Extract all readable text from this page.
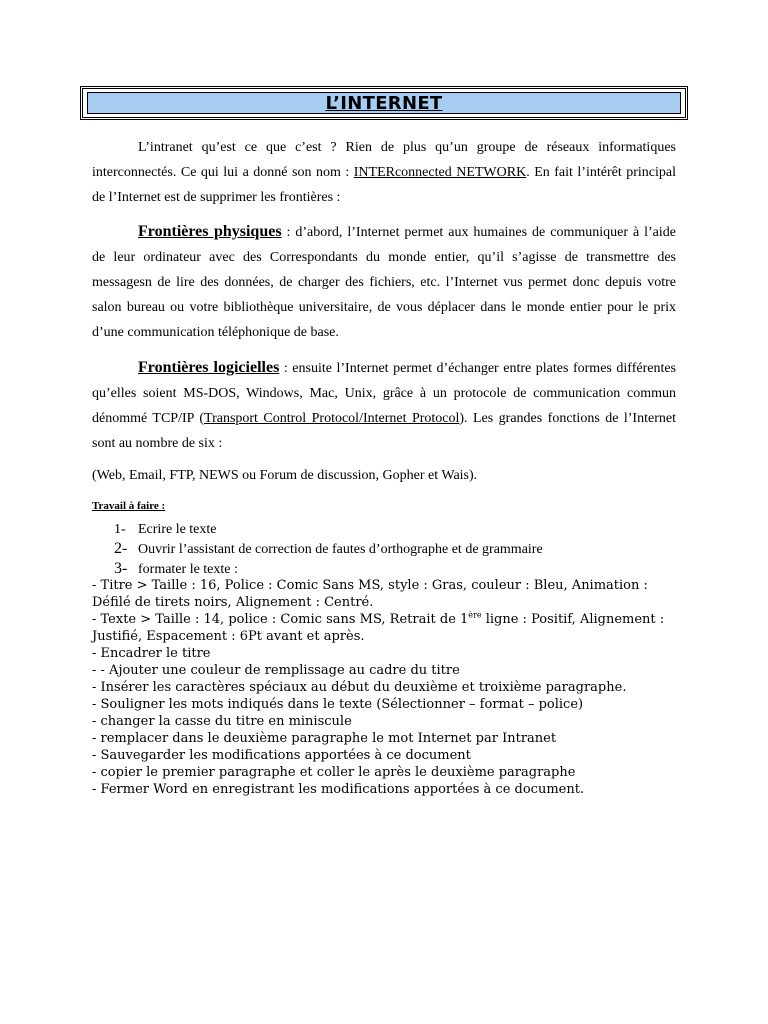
L’INTERNET

L’intranet qu’est ce que c’est ? Rien de plus qu’un groupe de réseaux informatiques interconnectés. Ce qui lui a donné son nom : INTERconnected NETWORK. En fait l’intérêt principal de l’Internet est de supprimer les frontières :

Frontières physiques : d’abord, l’Internet permet aux humaines de communiquer à l’aide de leur ordinateur avec des Correspondants du monde entier, qu’il s’agisse de transmettre des messagesn de lire des données, de charger des fichiers, etc. l’Internet vus permet donc depuis votre salon bureau ou votre bibliothèque universitaire, de vous déplacer dans le monde entier pour le prix d’une communication téléphonique de base.

Frontières logicielles : ensuite l’Internet permet d’échanger entre plates formes différentes qu’elles soient MS-DOS, Windows, Mac, Unix, grâce à un protocole de communication commun dénommé TCP/IP (Transport Control Protocol/Internet Protocol). Les grandes fonctions de l’Internet sont au nombre de six :

(Web, Email, FTP, NEWS ou Forum de discussion, Gopher et Wais).

Travail à faire :
1- Ecrire le texte
2- Ouvrir l’assistant de correction de fautes d’orthographe et de grammaire
3- formater le texte :
- Titre > Taille : 16, Police : Comic Sans MS, style : Gras, couleur : Bleu, Animation : Défilé de tirets noirs, Alignement : Centré.
- Texte > Taille : 14, police : Comic sans MS, Retrait de 1ère ligne : Positif, Alignement : Justifié, Espacement : 6Pt avant et après.
- Encadrer le titre
- - Ajouter une couleur de remplissage au cadre du titre
- Insérer les caractères spéciaux au début du deuxième et troixième paragraphe.
- Souligner les mots indiqués dans le texte (Sélectionner – format – police)
- changer la casse du titre en miniscule
- remplacer dans le deuxième paragraphe le mot Internet par Intranet
- Sauvegarder les modifications apportées à ce document
- copier le premier paragraphe et coller le après le deuxième paragraphe
- Fermer Word en enregistrant les modifications apportées à ce document.
